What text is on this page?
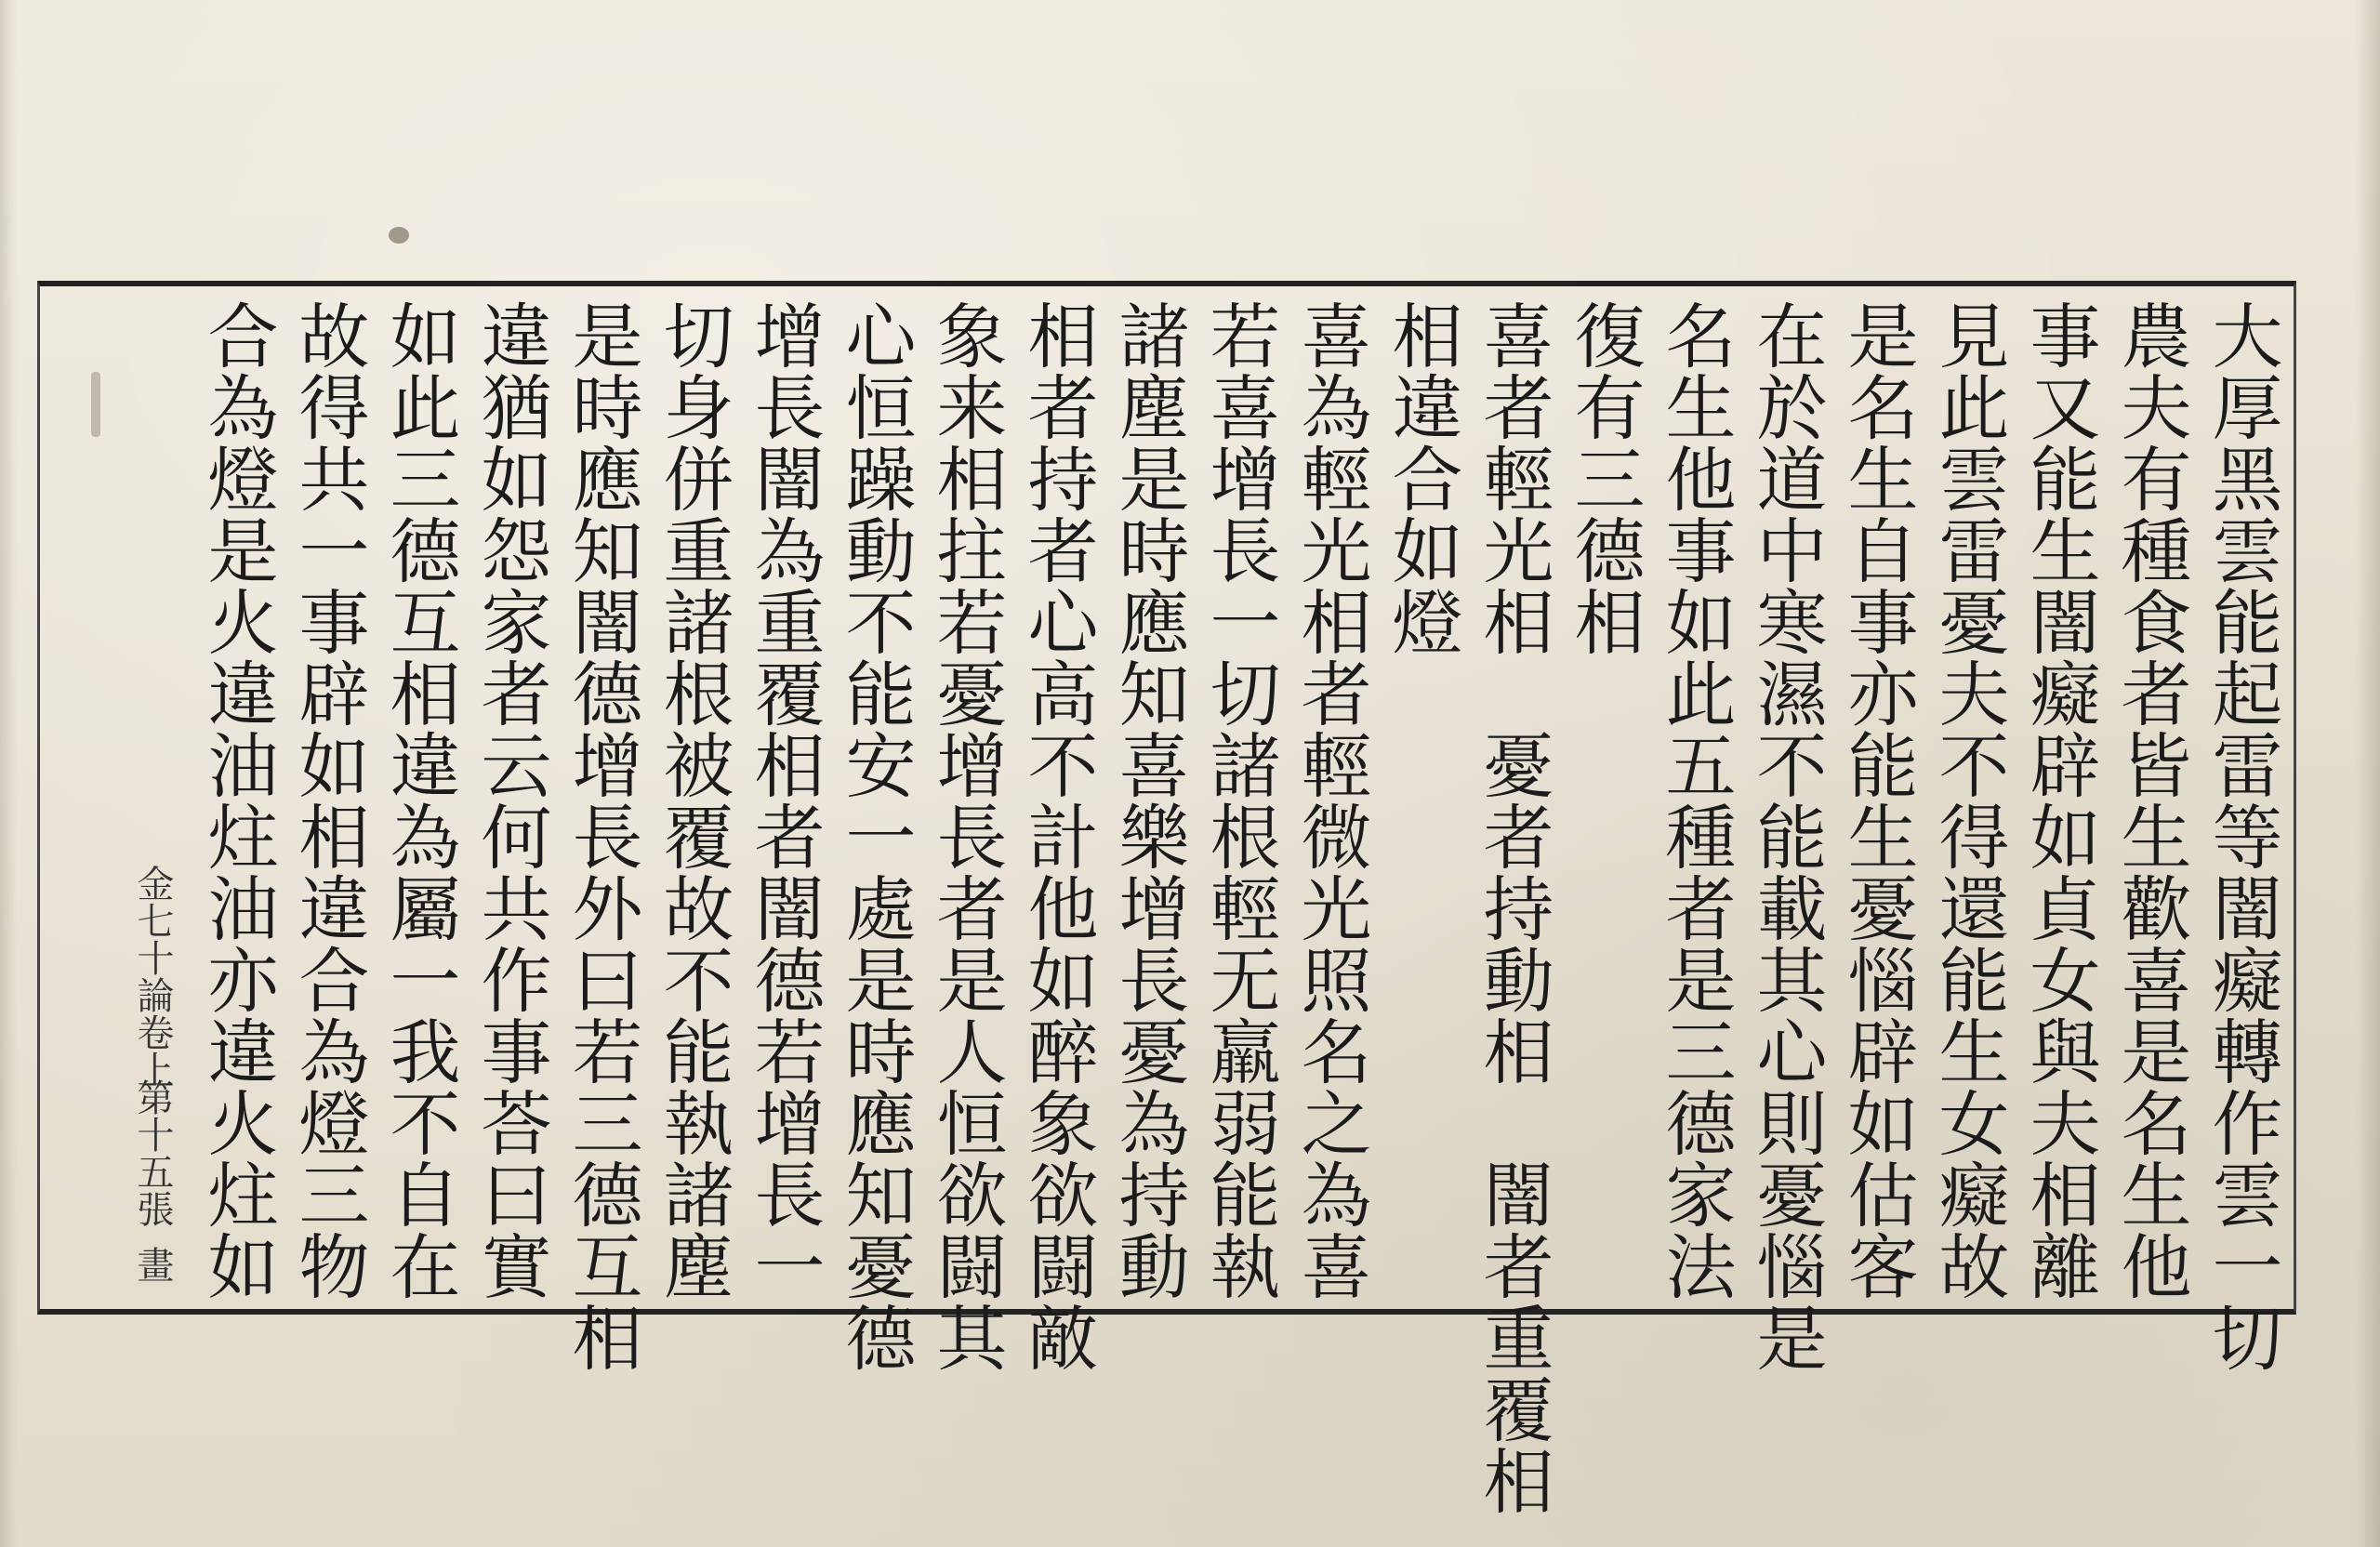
大厚黑雲能起雷等闇癡轉作雲一切
農夫有種食者皆生歡喜是名生他
事又能生闇癡辟如貞女與夫相離
見此雲雷憂夫不得還能生女癡故
是名生自事亦能生憂惱辟如估客
在於道中寒濕不能載其心則憂惱是
名生他事如此五種者是三德家法
復有三德相
喜者輕光相　憂者持動相　闇者重覆相
相違合如燈
喜為輕光相者輕微光照名之為喜
若喜增長一切諸根輕无羸弱能執
諸塵是時應知喜樂增長憂為持動
相者持者心高不計他如醉象欲闘敵
象来相拄若憂增長者是人恒欲闘其
心恒躁動不能安一處是時應知憂德
增長闇為重覆相者闇德若增長一
切身併重諸根被覆故不能執諸塵
是時應知闇德增長外曰若三德互相
違猶如怨家者云何共作事荅曰實
如此三德互相違為屬一我不自在
故得共一事辟如相違合為燈三物
合為燈是火違油炷油亦違火炷如
金七十論卷上
第十五張
畫
